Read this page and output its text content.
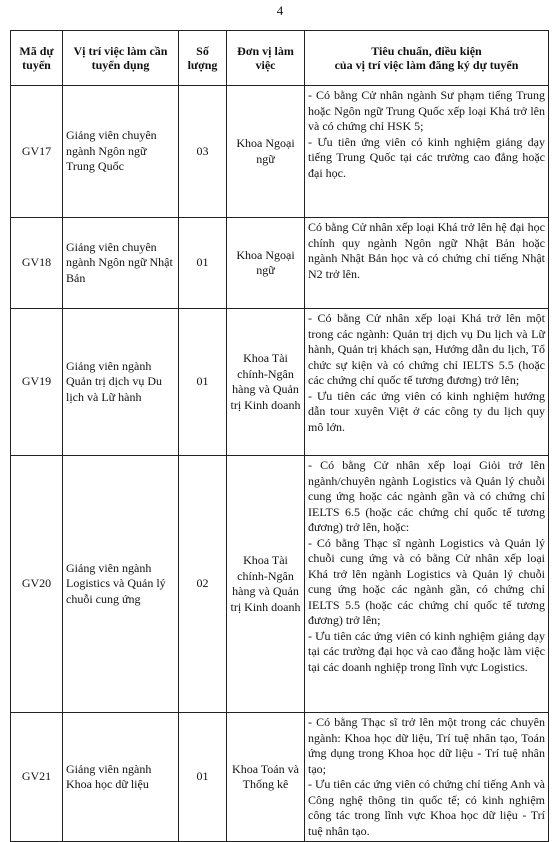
4
Mã dự tuyển	Vị trí việc làm cần tuyển dụng	Số lượng	Đơn vị làm việc	Tiêu chuẩn, điều kiện
của vị trí việc làm đăng ký dự tuyển

GV17	Giảng viên chuyên ngành Ngôn ngữ Trung Quốc	03	Khoa Ngoại ngữ	- Có bằng Cử nhân ngành Sư phạm tiếng Trung hoặc Ngôn ngữ Trung Quốc xếp loại Khá trở lên và có chứng chỉ HSK 5;
- Ưu tiên ứng viên có kinh nghiệm giảng dạy tiếng Trung Quốc tại các trường cao đẳng hoặc đại học.

GV18	Giảng viên chuyên ngành Ngôn ngữ Nhật Bản	01	Khoa Ngoại ngữ	Có bằng Cử nhân xếp loại Khá trở lên hệ đại học chính quy ngành Ngôn ngữ Nhật Bản hoặc ngành Nhật Bản học và có chứng chỉ tiếng Nhật N2 trở lên.

GV19	Giảng viên ngành Quản trị dịch vụ Du lịch và Lữ hành	01	Khoa Tài chính-Ngân hàng và Quản trị Kinh doanh	- Có bằng Cử nhân xếp loại Khá trở lên một trong các ngành: Quản trị dịch vụ Du lịch và Lữ hành, Quản trị khách sạn, Hướng dẫn du lịch, Tổ chức sự kiện và có chứng chỉ IELTS 5.5 (hoặc các chứng chỉ quốc tế tương đương) trở lên;
- Ưu tiên các ứng viên có kinh nghiệm hướng dẫn tour xuyên Việt ở các công ty du lịch quy mô lớn.

GV20	Giảng viên ngành Logistics và Quản lý chuỗi cung ứng	02	Khoa Tài chính-Ngân hàng và Quản trị Kinh doanh	- Có bằng Cử nhân xếp loại Giỏi trở lên ngành/chuyên ngành Logistics và Quản lý chuỗi cung ứng hoặc các ngành gần và có chứng chỉ IELTS 6.5 (hoặc các chứng chỉ quốc tế tương đương) trở lên, hoặc:
- Có bằng Thạc sĩ ngành Logistics và Quản lý chuỗi cung ứng và có bằng Cử nhân xếp loại Khá trở lên ngành Logistics và Quản lý chuỗi cung ứng hoặc các ngành gần, có chứng chỉ IELTS 5.5 (hoặc các chứng chỉ quốc tế tương đương) trở lên;
- Ưu tiên các ứng viên có kinh nghiệm giảng dạy tại các trường đại học và cao đẳng hoặc làm việc tại các doanh nghiệp trong lĩnh vực Logistics.

GV21	Giảng viên ngành Khoa học dữ liệu	01	Khoa Toán và Thống kê	- Có bằng Thạc sĩ trở lên một trong các chuyên ngành: Khoa học dữ liệu, Trí tuệ nhân tạo, Toán ứng dụng trong Khoa học dữ liệu - Trí tuệ nhân tạo;
- Ưu tiên các ứng viên có chứng chỉ tiếng Anh và Công nghệ thông tin quốc tế; có kinh nghiệm công tác trong lĩnh vực Khoa học dữ liệu - Trí tuệ nhân tạo.
